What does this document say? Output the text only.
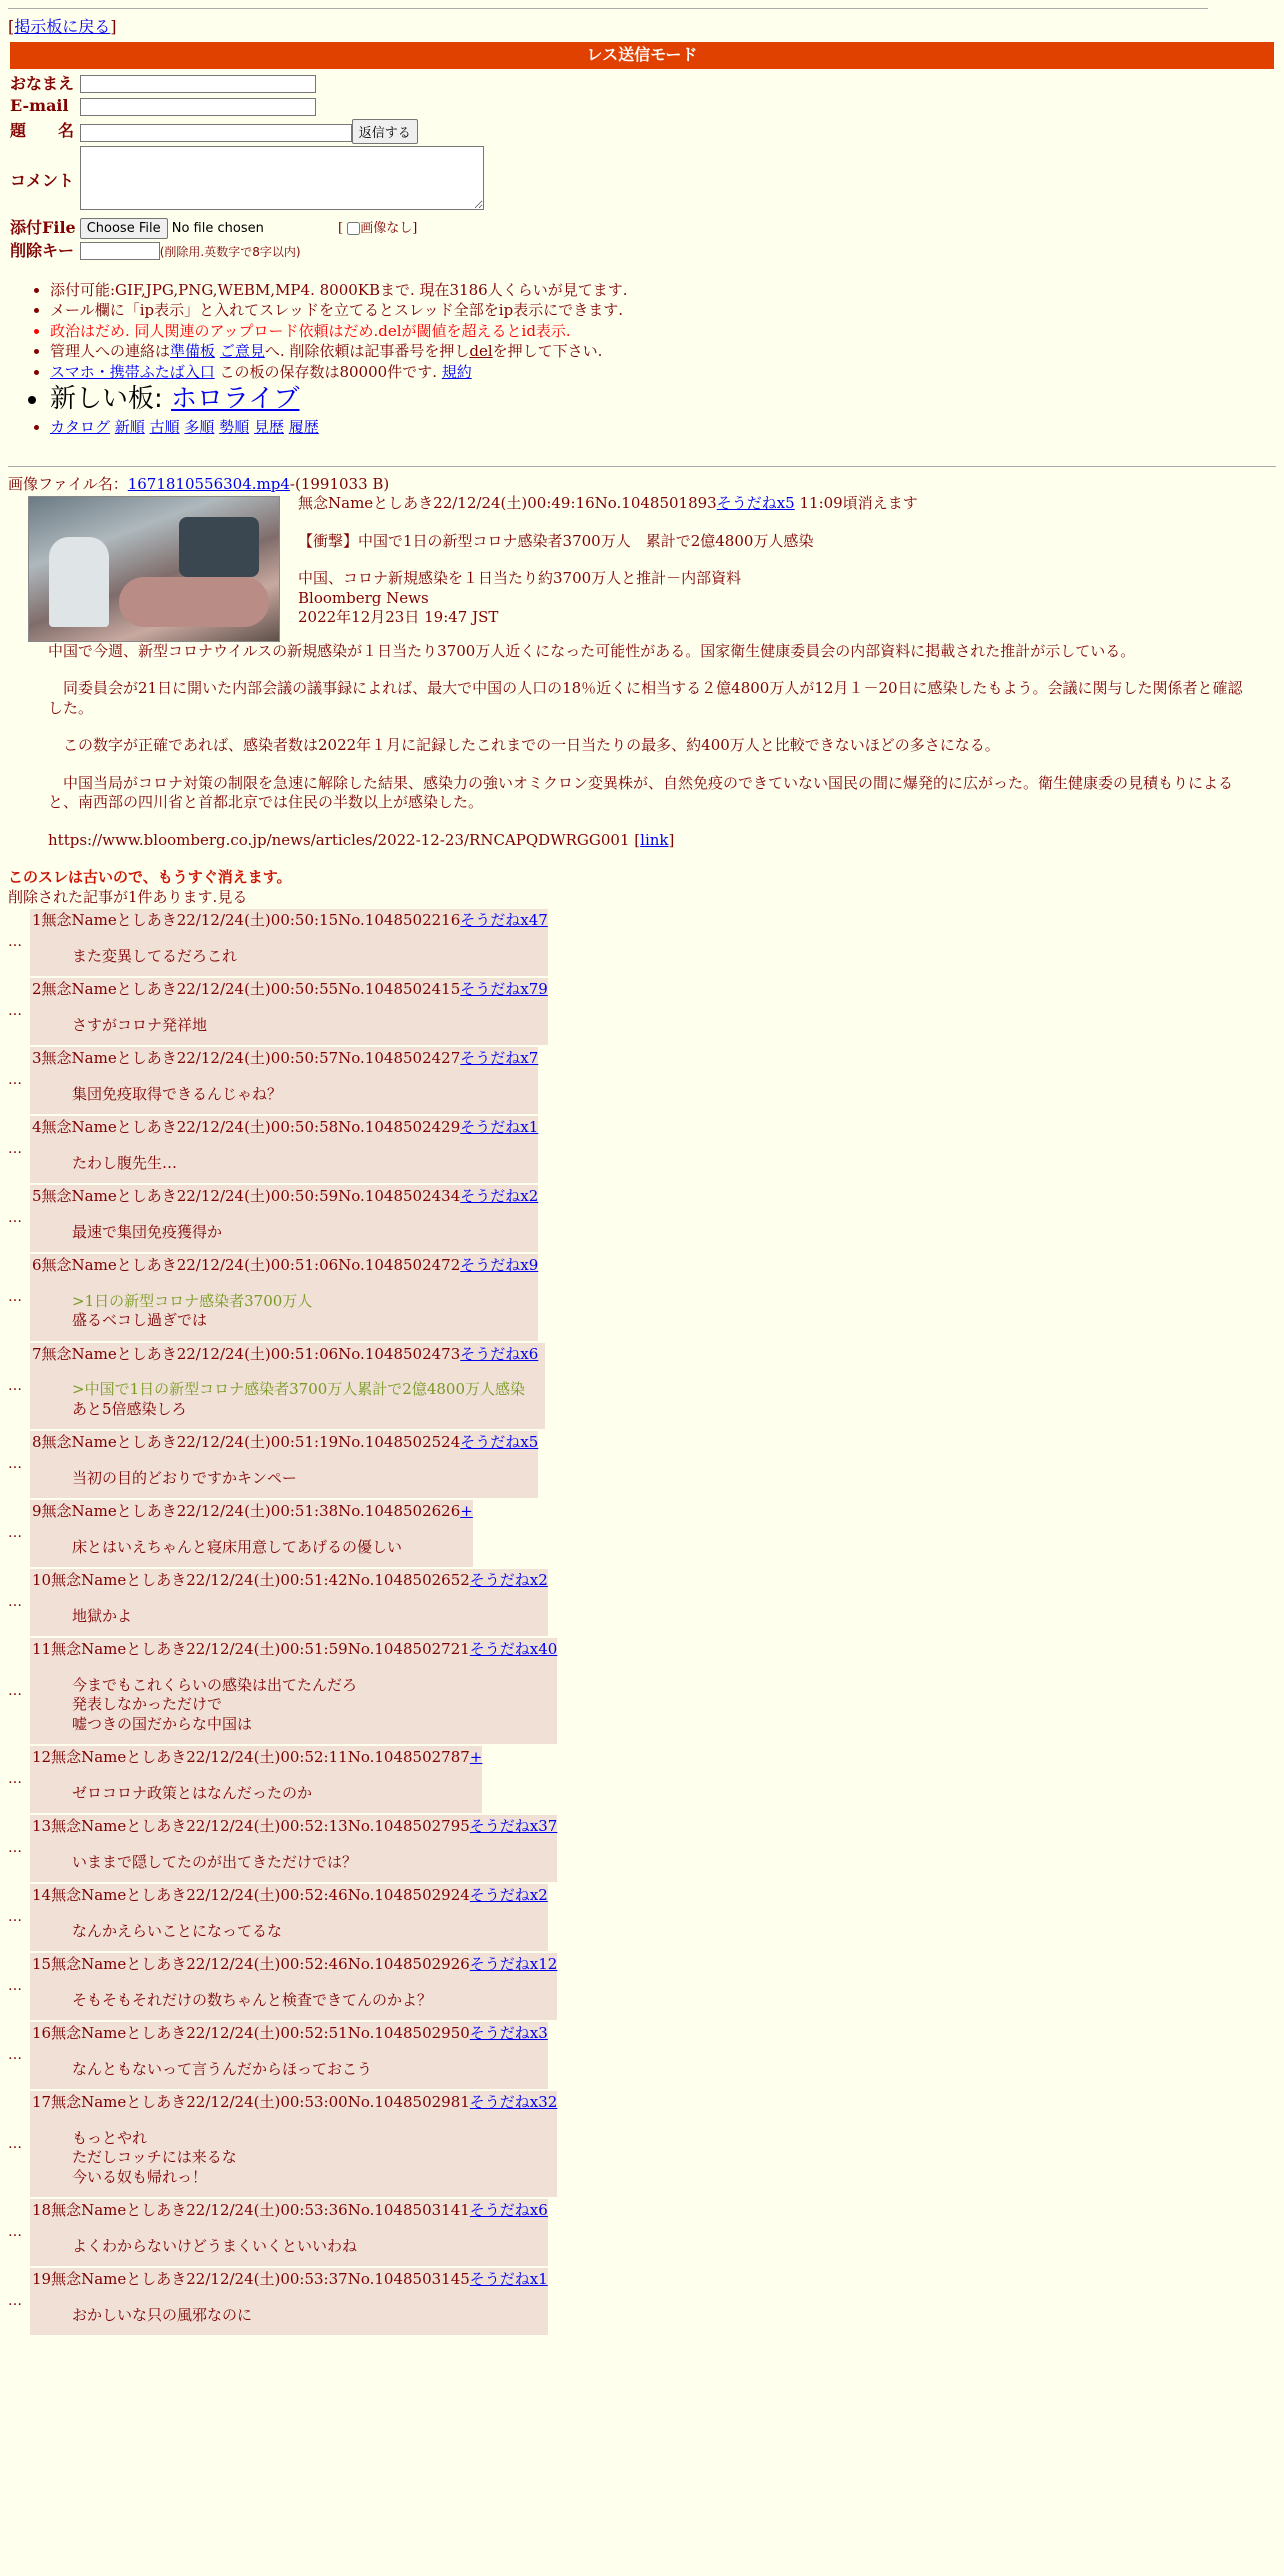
[掲示板に戻る]
レス送信モード
おなまえ	
E-mail	
題　　名	返信する
コメント	
添付File	Choose File No file chosen [ 画像なし]
削除キー	(削除用.英数字で8字以内)
• 添付可能:GIF,JPG,PNG,WEBM,MP4. 8000KBまで. 現在3186人くらいが見てます.
• メール欄に「ip表示」と入れてスレッドを立てるとスレッド全部をip表示にできます.
• 政治はだめ. 同人関連のアップロード依頼はだめ.delが閾値を超えるとid表示.
• 管理人への連絡は準備板 ご意見へ. 削除依頼は記事番号を押しdelを押して下さい.
• スマホ・携帯ふたば入口 この板の保存数は80000件です. 規約
• 新しい板: ホロライブ
• カタログ 新順 古順 多順 勢順 見歴 履歴
画像ファイル名：1671810556304.mp4-(1991033 B)
無念Nameとしあき22/12/24(土)00:49:16No.1048501893そうだねx5 11:09頃消えます

【衝撃】中国で1日の新型コロナ感染者3700万人　累計で2億4800万人感染

中国、コロナ新規感染を１日当たり約3700万人と推計－内部資料

Bloomberg News

2022年12月23日 19:47 JST

中国で今週、新型コロナウイルスの新規感染が１日当たり3700万人近くになった可能性がある。国家衛生健康委員会の内部資料に掲載された推計が示している。

　同委員会が21日に開いた内部会議の議事録によれば、最大で中国の人口の18％近くに相当する２億4800万人が12月１－20日に感染したもよう。会議に関与した関係者と確認した。

　この数字が正確であれば、感染者数は2022年１月に記録したこれまでの一日当たりの最多、約400万人と比較できないほどの多さになる。

　中国当局がコロナ対策の制限を急速に解除した結果、感染力の強いオミクロン変異株が、自然免疫のできていない国民の間に爆発的に広がった。衛生健康委の見積もりによると、南西部の四川省と首都北京では住民の半数以上が感染した。

https://www.bloomberg.co.jp/news/articles/2022-12-23/RNCAPQDWRGG001 [link]

このスレは古いので、もうすぐ消えます。
削除された記事が1件あります.見る
…
1無念Nameとしあき22/12/24(土)00:50:15No.1048502216そうだねx47
また変異してるだろこれ
…
2無念Nameとしあき22/12/24(土)00:50:55No.1048502415そうだねx79
さすがコロナ発祥地
…
3無念Nameとしあき22/12/24(土)00:50:57No.1048502427そうだねx7
集団免疫取得できるんじゃね？
…
4無念Nameとしあき22/12/24(土)00:50:58No.1048502429そうだねx1
たわし腹先生…
…
5無念Nameとしあき22/12/24(土)00:50:59No.1048502434そうだねx2
最速で集団免疫獲得か
…
6無念Nameとしあき22/12/24(土)00:51:06No.1048502472そうだねx9
>1日の新型コロナ感染者3700万人
盛るベコし過ぎでは
…
7無念Nameとしあき22/12/24(土)00:51:06No.1048502473そうだねx6
>中国で1日の新型コロナ感染者3700万人累計で2億4800万人感染
あと5倍感染しろ
…
8無念Nameとしあき22/12/24(土)00:51:19No.1048502524そうだねx5
当初の目的どおりですかキンペー
…
9無念Nameとしあき22/12/24(土)00:51:38No.1048502626+
床とはいえちゃんと寝床用意してあげるの優しい
…
10無念Nameとしあき22/12/24(土)00:51:42No.1048502652そうだねx2
地獄かよ
…
11無念Nameとしあき22/12/24(土)00:51:59No.1048502721そうだねx40
今までもこれくらいの感染は出てたんだろ
発表しなかっただけで
嘘つきの国だからな中国は
…
12無念Nameとしあき22/12/24(土)00:52:11No.1048502787+
ゼロコロナ政策とはなんだったのか
…
13無念Nameとしあき22/12/24(土)00:52:13No.1048502795そうだねx37
いままで隠してたのが出てきただけでは？
…
14無念Nameとしあき22/12/24(土)00:52:46No.1048502924そうだねx2
なんかえらいことになってるな
…
15無念Nameとしあき22/12/24(土)00:52:46No.1048502926そうだねx12
そもそもそれだけの数ちゃんと検査できてんのかよ？
…
16無念Nameとしあき22/12/24(土)00:52:51No.1048502950そうだねx3
なんともないって言うんだからほっておこう
…
17無念Nameとしあき22/12/24(土)00:53:00No.1048502981そうだねx32
もっとやれ
ただしコッチには来るな
今いる奴も帰れっ！
…
18無念Nameとしあき22/12/24(土)00:53:36No.1048503141そうだねx6
よくわからないけどうまくいくといいわね
…
19無念Nameとしあき22/12/24(土)00:53:37No.1048503145そうだねx1
おかしいな只の風邪なのに
